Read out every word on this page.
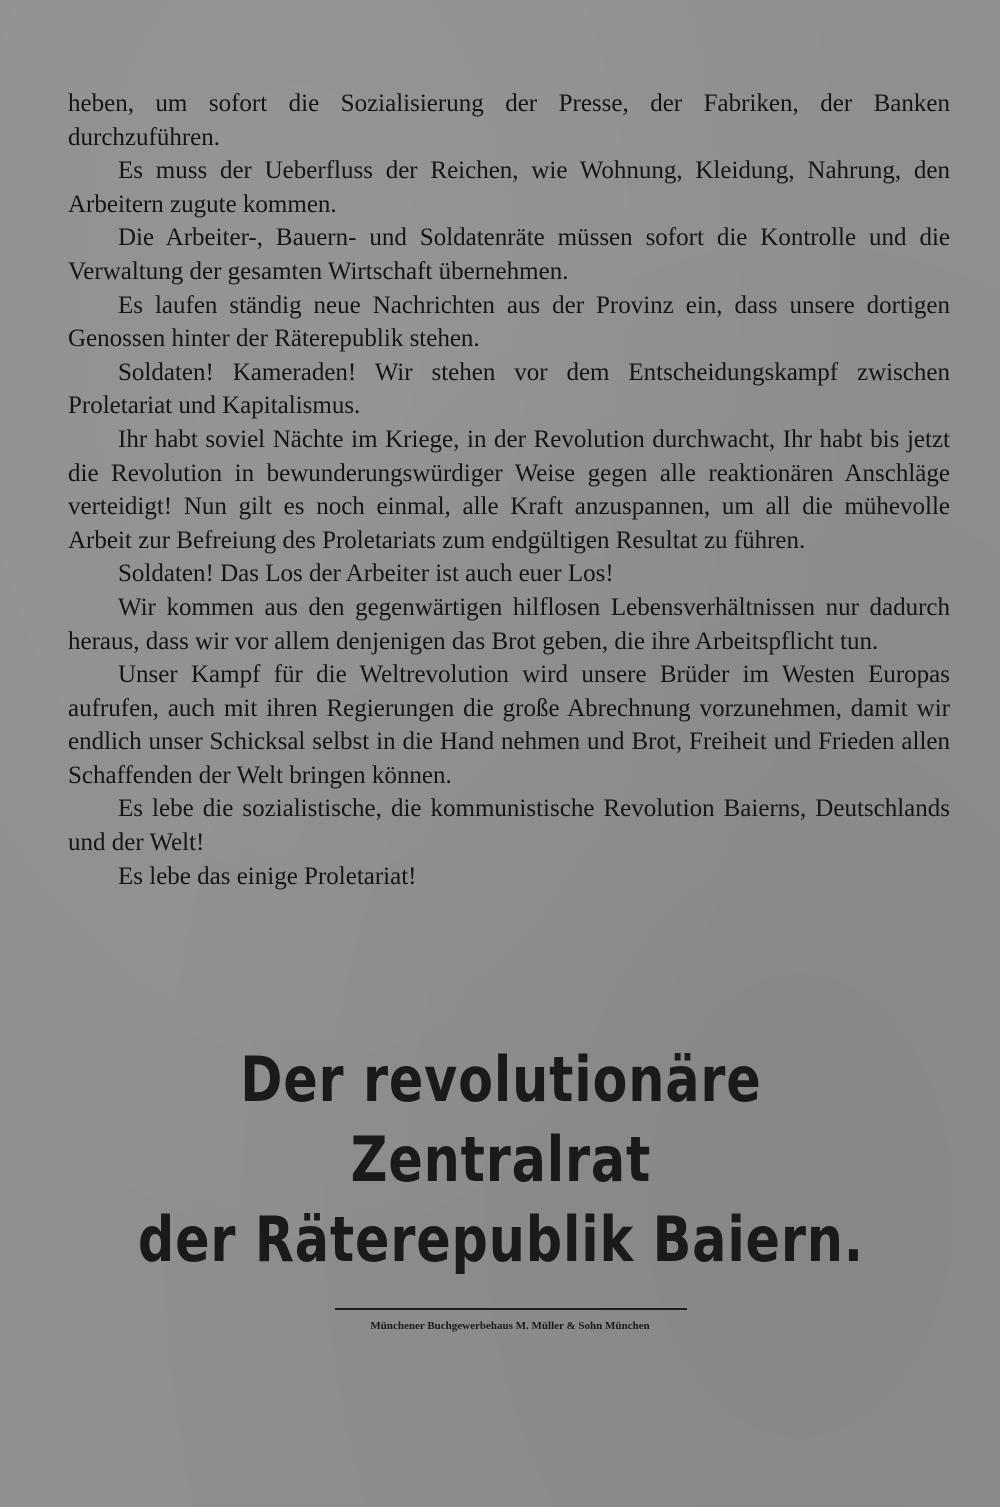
heben, um sofort die Sozialisierung der Presse, der Fabriken, der Banken durchzuführen.

Es muss der Ueberfluss der Reichen, wie Wohnung, Kleidung, Nahrung, den Arbeitern zugute kommen.

Die Arbeiter-, Bauern- und Soldatenräte müssen sofort die Kontrolle und die Verwaltung der gesamten Wirtschaft übernehmen.

Es laufen ständig neue Nachrichten aus der Provinz ein, dass unsere dortigen Genossen hinter der Räterepublik stehen.

Soldaten! Kameraden! Wir stehen vor dem Entscheidungskampf zwischen Proletariat und Kapitalismus.

Ihr habt soviel Nächte im Kriege, in der Revolution durchwacht, Ihr habt bis jetzt die Revolution in bewunderungswürdiger Weise gegen alle reaktionären Anschläge verteidigt! Nun gilt es noch einmal, alle Kraft anzuspannen, um all die mühevolle Arbeit zur Befreiung des Proletariats zum endgültigen Resultat zu führen.

Soldaten! Das Los der Arbeiter ist auch euer Los!

Wir kommen aus den gegenwärtigen hilflosen Lebensverhältnissen nur dadurch heraus, dass wir vor allem denjenigen das Brot geben, die ihre Arbeitspflicht tun.

Unser Kampf für die Weltrevolution wird unsere Brüder im Westen Europas aufrufen, auch mit ihren Regierungen die große Abrechnung vorzunehmen, damit wir endlich unser Schicksal selbst in die Hand nehmen und Brot, Freiheit und Frieden allen Schaffenden der Welt bringen können.

Es lebe die sozialistische, die kommunistische Revolution Baierns, Deutschlands und der Welt!

Es lebe das einige Proletariat!

Der revolutionäre Zentralrat
der Räterepublik Baiern.
Münchener Buchgewerbehaus M. Müller & Sohn München
